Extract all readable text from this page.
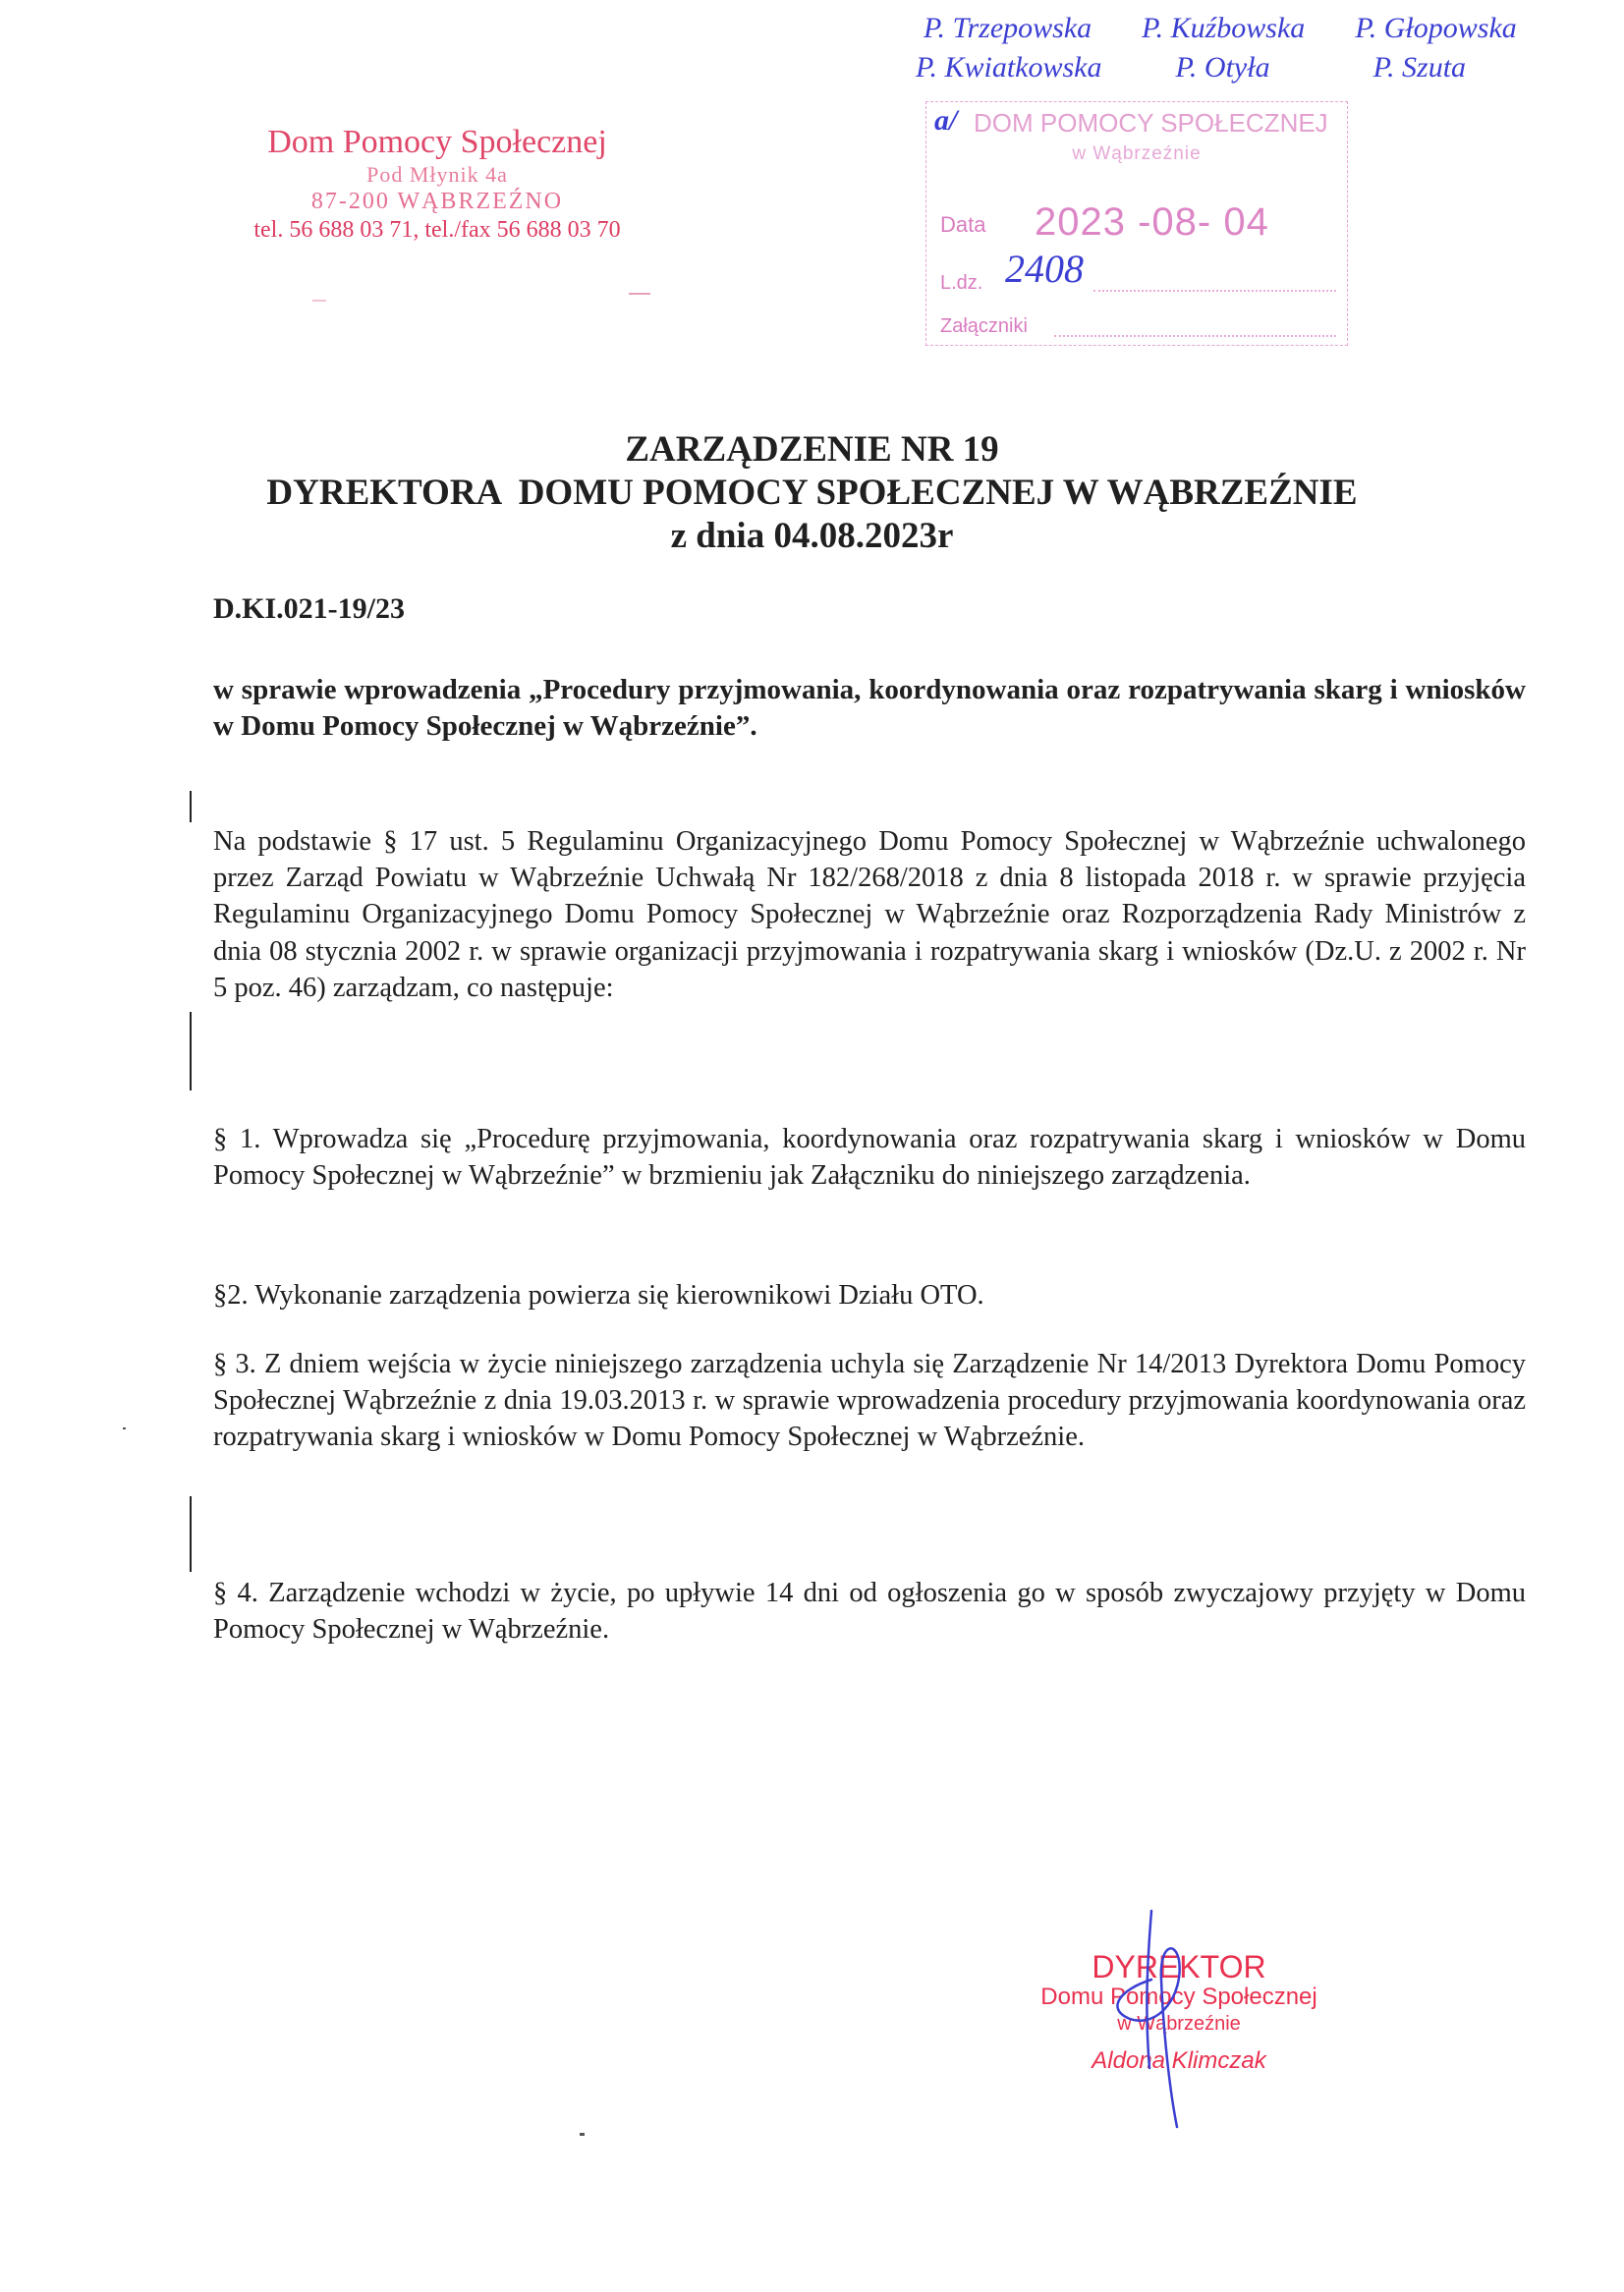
Dom Pomocy Społecznej
Pod Młynik 4a
87-200 WĄBRZEŹNO
tel. 56 688 03 71, tel./fax 56 688 03 70
P. Trzepowska P. Kuźbowska P. Głopowska
P. Kwiatkowska	P. Otyła	P. Szuta
a/ DOM POMOCY SPOŁECZNEJ
w Wąbrzeźnie
Data 2023 -08- 04
L.dz. 2408
Załączniki
ZARZĄDZENIE NR 19
DYREKTORA  DOMU POMOCY SPOŁECZNEJ W WĄBRZEŹNIE
z dnia 04.08.2023r
D.KI.021-19/23
w sprawie wprowadzenia „Procedury przyjmowania, koordynowania oraz rozpatrywania skarg i wniosków w Domu Pomocy Społecznej w Wąbrzeźnie”.
Na podstawie § 17 ust. 5 Regulaminu Organizacyjnego Domu Pomocy Społecznej w Wąbrzeźnie uchwalonego przez Zarząd Powiatu w Wąbrzeźnie Uchwałą Nr 182/268/2018 z dnia 8 listopada 2018 r. w sprawie przyjęcia Regulaminu Organizacyjnego Domu Pomocy Społecznej w Wąbrzeźnie oraz Rozporządzenia Rady Ministrów z dnia 08 stycznia 2002 r. w sprawie organizacji przyjmowania i rozpatrywania skarg i wniosków (Dz.U. z 2002 r. Nr 5 poz. 46) zarządzam, co następuje:
§ 1. Wprowadza się „Procedurę przyjmowania, koordynowania oraz rozpatrywania skarg i wniosków w Domu Pomocy Społecznej w Wąbrzeźnie” w brzmieniu jak Załączniku do niniejszego zarządzenia.
§2. Wykonanie zarządzenia powierza się kierownikowi Działu OTO.
§ 3. Z dniem wejścia w życie niniejszego zarządzenia uchyla się Zarządzenie Nr 14/2013 Dyrektora Domu Pomocy Społecznej Wąbrzeźnie z dnia 19.03.2013 r. w sprawie wprowadzenia procedury przyjmowania koordynowania oraz rozpatrywania skarg i wniosków w Domu Pomocy Społecznej w Wąbrzeźnie.
§ 4. Zarządzenie wchodzi w życie, po upływie 14 dni od ogłoszenia go w sposób zwyczajowy przyjęty w Domu Pomocy Społecznej w Wąbrzeźnie.
DYREKTOR
Domu Pomocy Społecznej
w Wąbrzeźnie
Aldona Klimczak
